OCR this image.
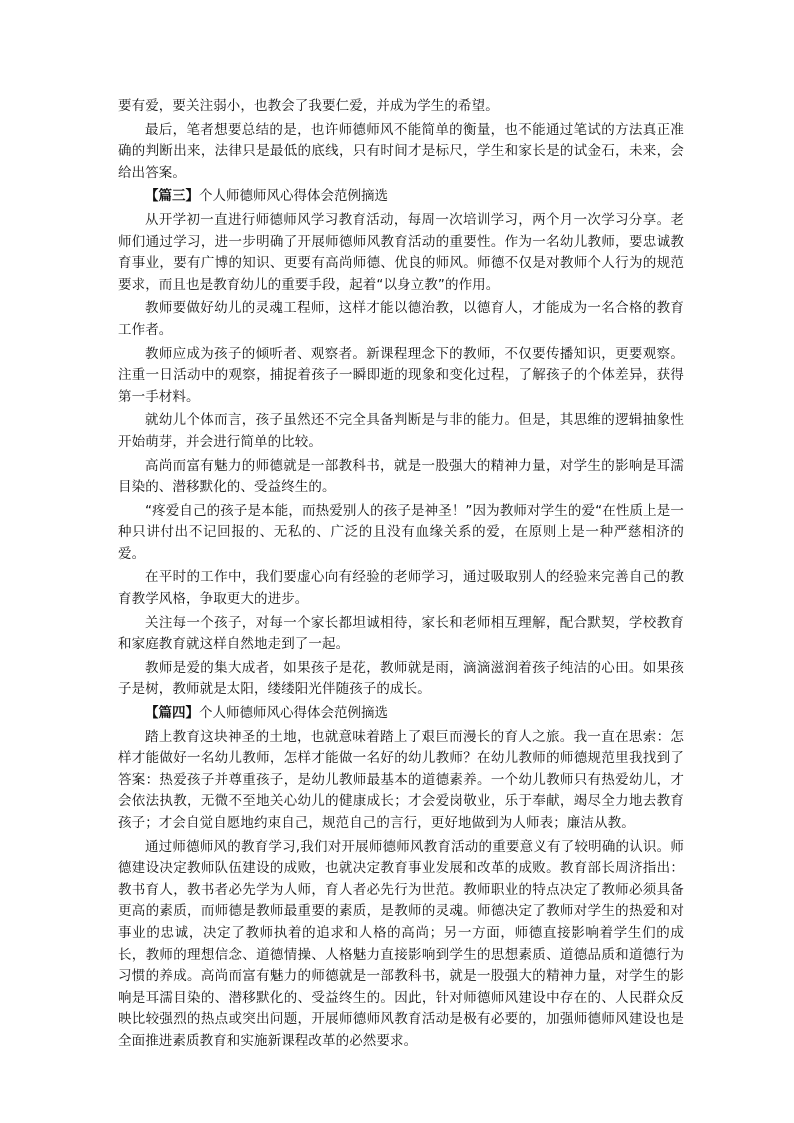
要有爱，要关注弱小，也教会了我要仁爱，并成为学生的希望。

最后，笔者想要总结的是，也许师德师风不能简单的衡量，也不能通过笔试的方法真正准确的判断出来，法律只是最低的底线，只有时间才是标尺，学生和家长是的试金石，未来，会给出答案。

【篇三】个人师德师风心得体会范例摘选

从开学初一直进行师德师风学习教育活动，每周一次培训学习，两个月一次学习分享。老师们通过学习，进一步明确了开展师德师风教育活动的重要性。作为一名幼儿教师，要忠诚教育事业，要有广博的知识、更要有高尚师德、优良的师风。师德不仅是对教师个人行为的规范要求，而且也是教育幼儿的重要手段，起着“以身立教”的作用。

教师要做好幼儿的灵魂工程师，这样才能以德治教，以德育人，才能成为一名合格的教育工作者。

教师应成为孩子的倾听者、观察者。新课程理念下的教师，不仅要传播知识，更要观察。注重一日活动中的观察，捕捉着孩子一瞬即逝的现象和变化过程，了解孩子的个体差异，获得第一手材料。

就幼儿个体而言，孩子虽然还不完全具备判断是与非的能力。但是，其思维的逻辑抽象性开始萌芽，并会进行简单的比较。

高尚而富有魅力的师德就是一部教科书，就是一股强大的精神力量，对学生的影响是耳濡目染的、潜移默化的、受益终生的。

“疼爱自己的孩子是本能，而热爱别人的孩子是神圣！”因为教师对学生的爱“在性质上是一种只讲付出不记回报的、无私的、广泛的且没有血缘关系的爱，在原则上是一种严慈相济的爱。

在平时的工作中，我们要虚心向有经验的老师学习，通过吸取别人的经验来完善自己的教育教学风格，争取更大的进步。

关注每一个孩子，对每一个家长都坦诚相待，家长和老师相互理解，配合默契，学校教育和家庭教育就这样自然地走到了一起。

教师是爱的集大成者，如果孩子是花，教师就是雨，滴滴滋润着孩子纯洁的心田。如果孩子是树，教师就是太阳，缕缕阳光伴随孩子的成长。

【篇四】个人师德师风心得体会范例摘选

踏上教育这块神圣的土地，也就意味着踏上了艰巨而漫长的育人之旅。我一直在思索：怎样才能做好一名幼儿教师，怎样才能做一名好的幼儿教师？在幼儿教师的师德规范里我找到了答案：热爱孩子并尊重孩子，是幼儿教师最基本的道德素养。一个幼儿教师只有热爱幼儿，才会依法执教，无微不至地关心幼儿的健康成长；才会爱岗敬业，乐于奉献，竭尽全力地去教育孩子；才会自觉自愿地约束自己，规范自己的言行，更好地做到为人师表；廉洁从教。

通过师德师风的教育学习,我们对开展师德师风教育活动的重要意义有了较明确的认识。师德建设决定教师队伍建设的成败，也就决定教育事业发展和改革的成败。教育部长周济指出：教书育人，教书者必先学为人师，育人者必先行为世范。教师职业的特点决定了教师必须具备更高的素质，而师德是教师最重要的素质，是教师的灵魂。师德决定了教师对学生的热爱和对事业的忠诚，决定了教师执着的追求和人格的高尚；另一方面，师德直接影响着学生们的成长，教师的理想信念、道德情操、人格魅力直接影响到学生的思想素质、道德品质和道德行为习惯的养成。高尚而富有魅力的师德就是一部教科书，就是一股强大的精神力量，对学生的影响是耳濡目染的、潜移默化的、受益终生的。因此，针对师德师风建设中存在的、人民群众反映比较强烈的热点或突出问题，开展师德师风教育活动是极有必要的，加强师德师风建设也是全面推进素质教育和实施新课程改革的必然要求。
